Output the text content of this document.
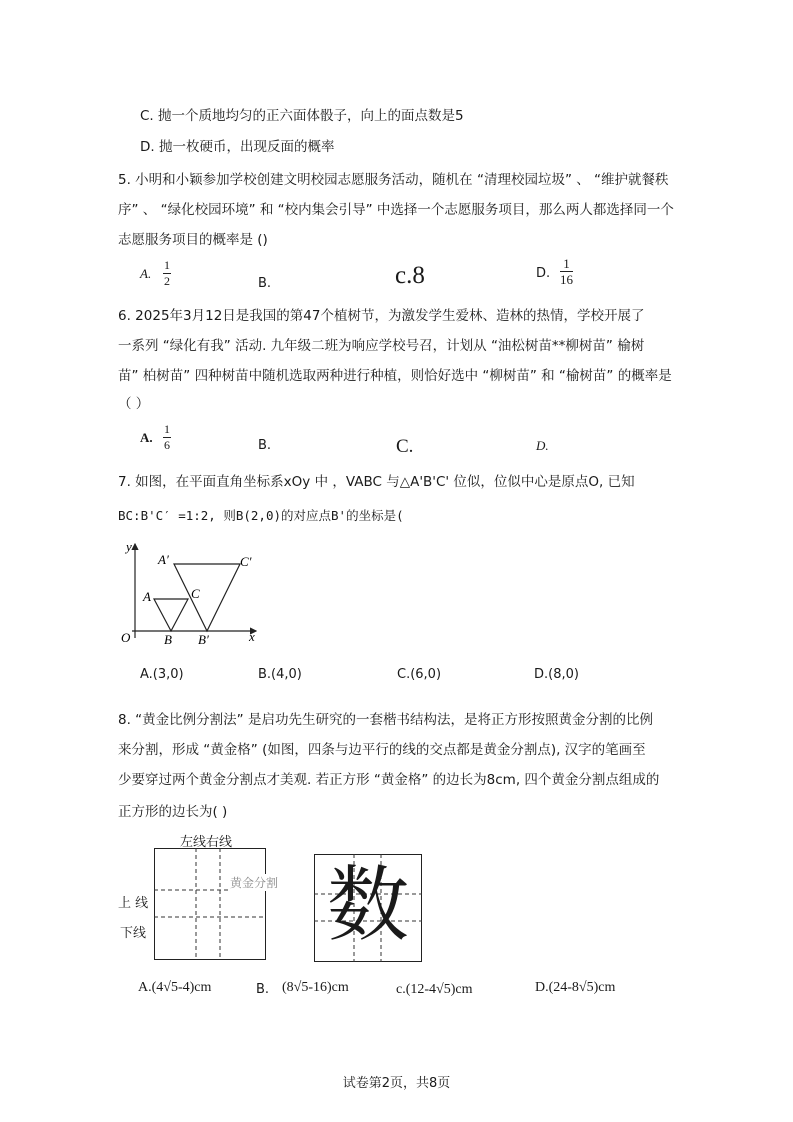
C. 抛一个质地均匀的正六面体骰子，向上的面点数是5
D. 抛一枚硬币，出现反面的概率
5. 小明和小颖参加学校创建文明校园志愿服务活动，随机在 “清理校园垃圾” 、 “维护就餐秩
序” 、 “绿化校园环境” 和 “校内集会引导” 中选择一个志愿服务项目，那么两人都选择同一个
志愿服务项目的概率是 ()
A. $\frac{1}{2}$	B.	c.8	D. $\frac{1}{16}$
6. 2025年3月12日是我国的第47个植树节，为激发学生爱林、造林的热情，学校开展了
一系列 “绿化有我” 活动. 九年级二班为响应学校号召，计划从 “油松树苗**柳树苗” 榆树
苗” 柏树苗” 四种树苗中随机选取两种进行种植，则恰好选中 “柳树苗” 和 “榆树苗” 的概率是
（ ）
A. $\frac{1}{6}$	B.	C.	D.
7. 如图，在平面直角坐标系xOy 中 ，VABC 与△A'B'C' 位似，位似中心是原点O, 已知
BC:B'C′ =1:2, 则B(2,0)的对应点B'的坐标是(
y
x
O
A
B
C
A′
B′
C′
A.(3,0)	B.(4,0)	C.(6,0)	D.(8,0)
8. “黄金比例分割法” 是启功先生研究的一套楷书结构法，是将正方形按照黄金分割的比例
来分割，形成 “黄金格” (如图，四条与边平行的线的交点都是黄金分割点), 汉字的笔画至
少要穿过两个黄金分割点才美观. 若正方形 “黄金格” 的边长为8cm, 四个黄金分割点组成的
正方形的边长为( )
左线右线
黄金分割
上 线
下线 数
A.(4√5-4)cm	B. (8√5-16)cm	c.(12-4√5)cm	D.(24-8√5)cm
试卷第2页，共8页
